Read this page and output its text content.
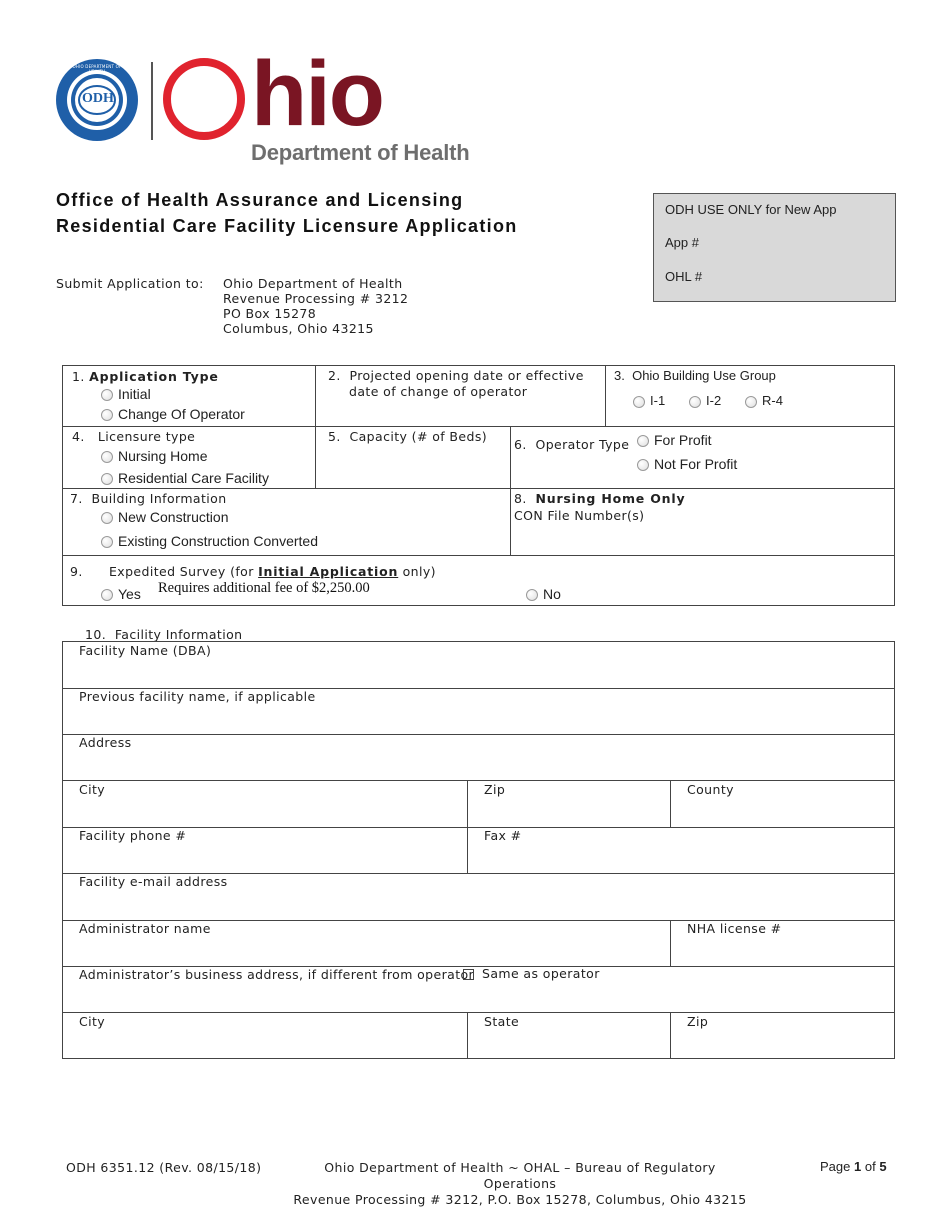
ODH
OHIO DEPARTMENT OF HEALTH hio
Department of Health
Office of Health Assurance and Licensing
Residential Care Facility Licensure Application
ODH USE ONLY for New App
App #
OHL #
Submit Application to: Ohio Department of Health
Revenue Processing # 3212
PO Box 15278
Columbus, Ohio 43215
1. Application Type
Initial
Change Of Operator
2. Projected opening date or effective
date of change of operator
3. Ohio Building Use Group
I-1	I-2	R-4
4. Licensure type
Nursing Home
Residential Care Facility
5. Capacity (# of Beds)
6. Operator Type	For Profit
Not For Profit
7. Building Information
New Construction
Existing Construction Converted
8. Nursing Home Only
CON File Number(s)
9. Expedited Survey (for Initial Application only)
Yes Requires additional fee of $2,250.00	No
10.  Facility Information
Facility Name (DBA)
Previous facility name, if applicable
Address
City	Zip	County
Facility phone #	Fax #
Facility e-mail address
Administrator name	NHA license #
Administrator’s business address, if different from operator Same as operator
City	State	Zip
ODH 6351.12 (Rev. 08/15/18)	Ohio Department of Health ~ OHAL – Bureau of Regulatory Operations
Revenue Processing # 3212, P.O. Box 15278, Columbus, Ohio 43215
Page 1 of 5
